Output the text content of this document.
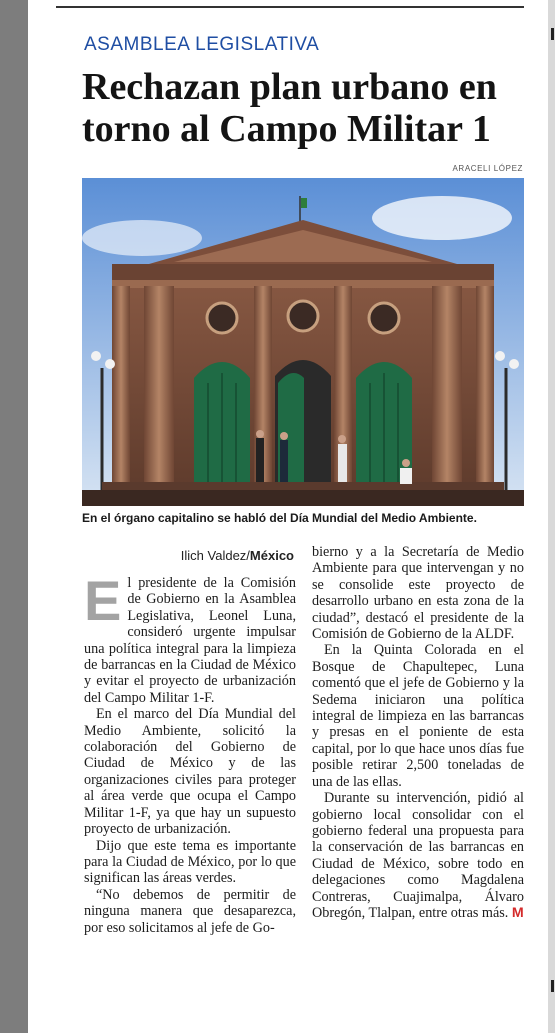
ASAMBLEA LEGISLATIVA
Rechazan plan urbano en torno al Campo Militar 1
ARACELI LÓPEZ
En el órgano capitalino se habló del Día Mundial del Medio Ambiente.
Ilich Valdez/México

El presidente de la Comisión de Gobierno en la Asamblea Legislativa, Leonel Luna, consideró urgente impulsar una política integral para la limpieza de barrancas en la Ciudad de México y evitar el proyecto de urbanización del Campo Militar 1-F.

En el marco del Día Mundial del Medio Ambiente, solicitó la colaboración del Gobierno de Ciudad de México y de las organizaciones civiles para proteger al área verde que ocupa el Campo Militar 1-F, ya que hay un supuesto proyecto de urbanización.

Dijo que este tema es importante para la Ciudad de México, por lo que significan las áreas verdes.

“No debemos de permitir de ninguna manera que desaparezca, por eso solicitamos al jefe de Go-

bierno y a la Secretaría de Medio Ambiente para que intervengan y no se consolide este proyecto de desarrollo urbano en esta zona de la ciudad”, destacó el presidente de la Comisión de Gobierno de la ALDF.

En la Quinta Colorada en el Bosque de Chapultepec, Luna comentó que el jefe de Gobierno y la Sedema iniciaron una política integral de limpieza en las barrancas y presas en el poniente de esta capital, por lo que hace unos días fue posible retirar 2,500 toneladas de una de las ellas.

Durante su intervención, pidió al gobierno local consolidar con el gobierno federal una propuesta para la conservación de las barrancas en Ciudad de México, sobre todo en delegaciones como Magdalena Contreras, Cuajimalpa, Álvaro Obregón, Tlalpan, entre otras más. M
